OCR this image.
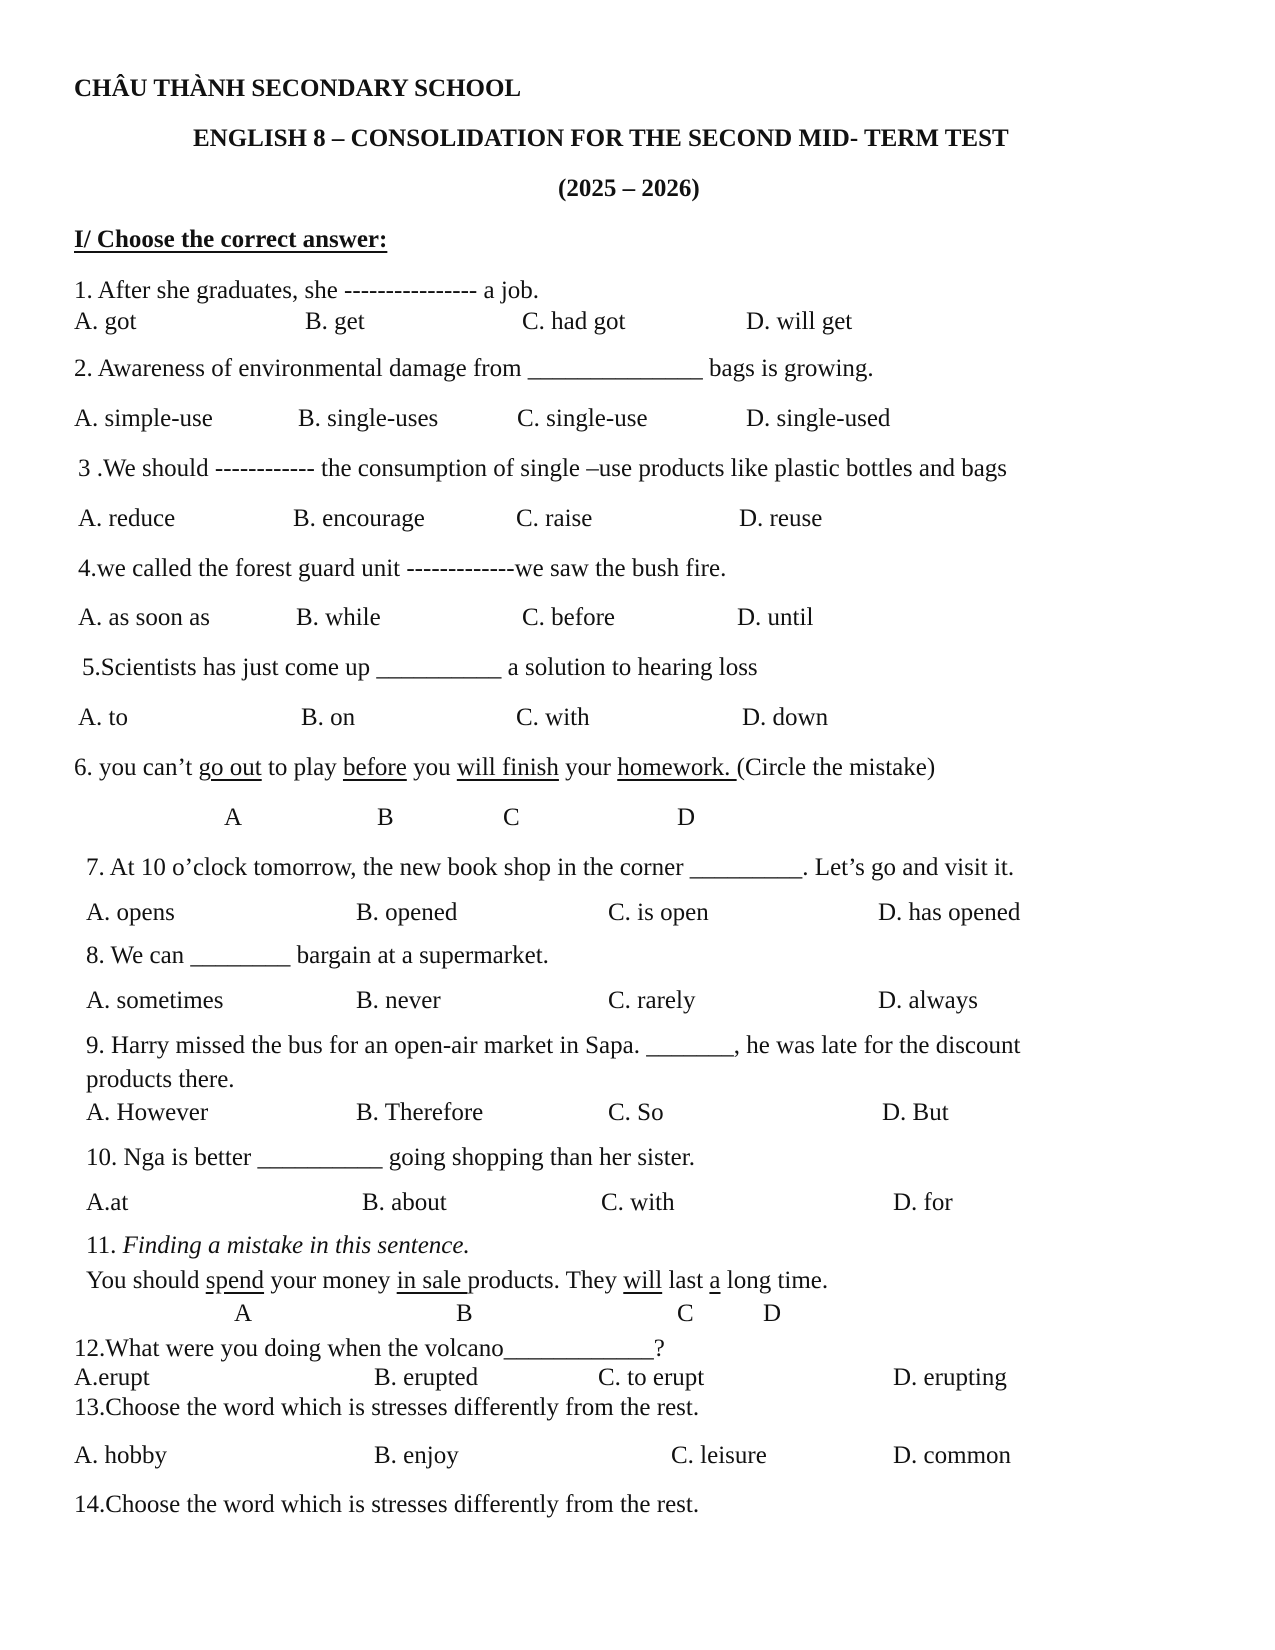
CHÂU THÀNH SECONDARY SCHOOL
ENGLISH 8 – CONSOLIDATION FOR THE SECOND MID- TERM TEST
(2025 – 2026)
I/ Choose the correct answer:
1. After she graduates, she ---------------- a job.
A. got	B. get	C. had got	D. will get
2. Awareness of environmental damage from ______________ bags is growing.
A. simple-use	B. single-uses	C. single-use	D. single-used
3 .We should ------------ the consumption of single –use products like plastic bottles and bags
A. reduce	B. encourage	C. raise	D. reuse
4.we called the forest guard unit -------------we saw the bush fire.
A. as soon as	B. while	C. before	D. until
5.Scientists has just come up __________ a solution to hearing loss
A. to	B. on	C. with	D. down
6. you can’t go out to play before you will finish your homework. (Circle the mistake)
A	B	C	D
7. At 10 o’clock tomorrow, the new book shop in the corner _________. Let’s go and visit it.
A. opens	B. opened	C. is open	D. has opened
8. We can ________ bargain at a supermarket.
A. sometimes	B. never	C. rarely	D. always
9. Harry missed the bus for an open-air market in Sapa. _______, he was late for the discount
products there.
A. However	B. Therefore	C. So	D. But
10. Nga is better __________ going shopping than her sister.
A.at	B. about	C. with	D. for
11. Finding a mistake in this sentence.
You should spend your money in sale products. They will last a long time.
A	B	C	D
12.What were you doing when the volcano____________?
A.erupt	B. erupted	C. to erupt	D. erupting
13.Choose the word which is stresses differently from the rest.
A. hobby	B. enjoy	C. leisure	D. common
14.Choose the word which is stresses differently from the rest.
